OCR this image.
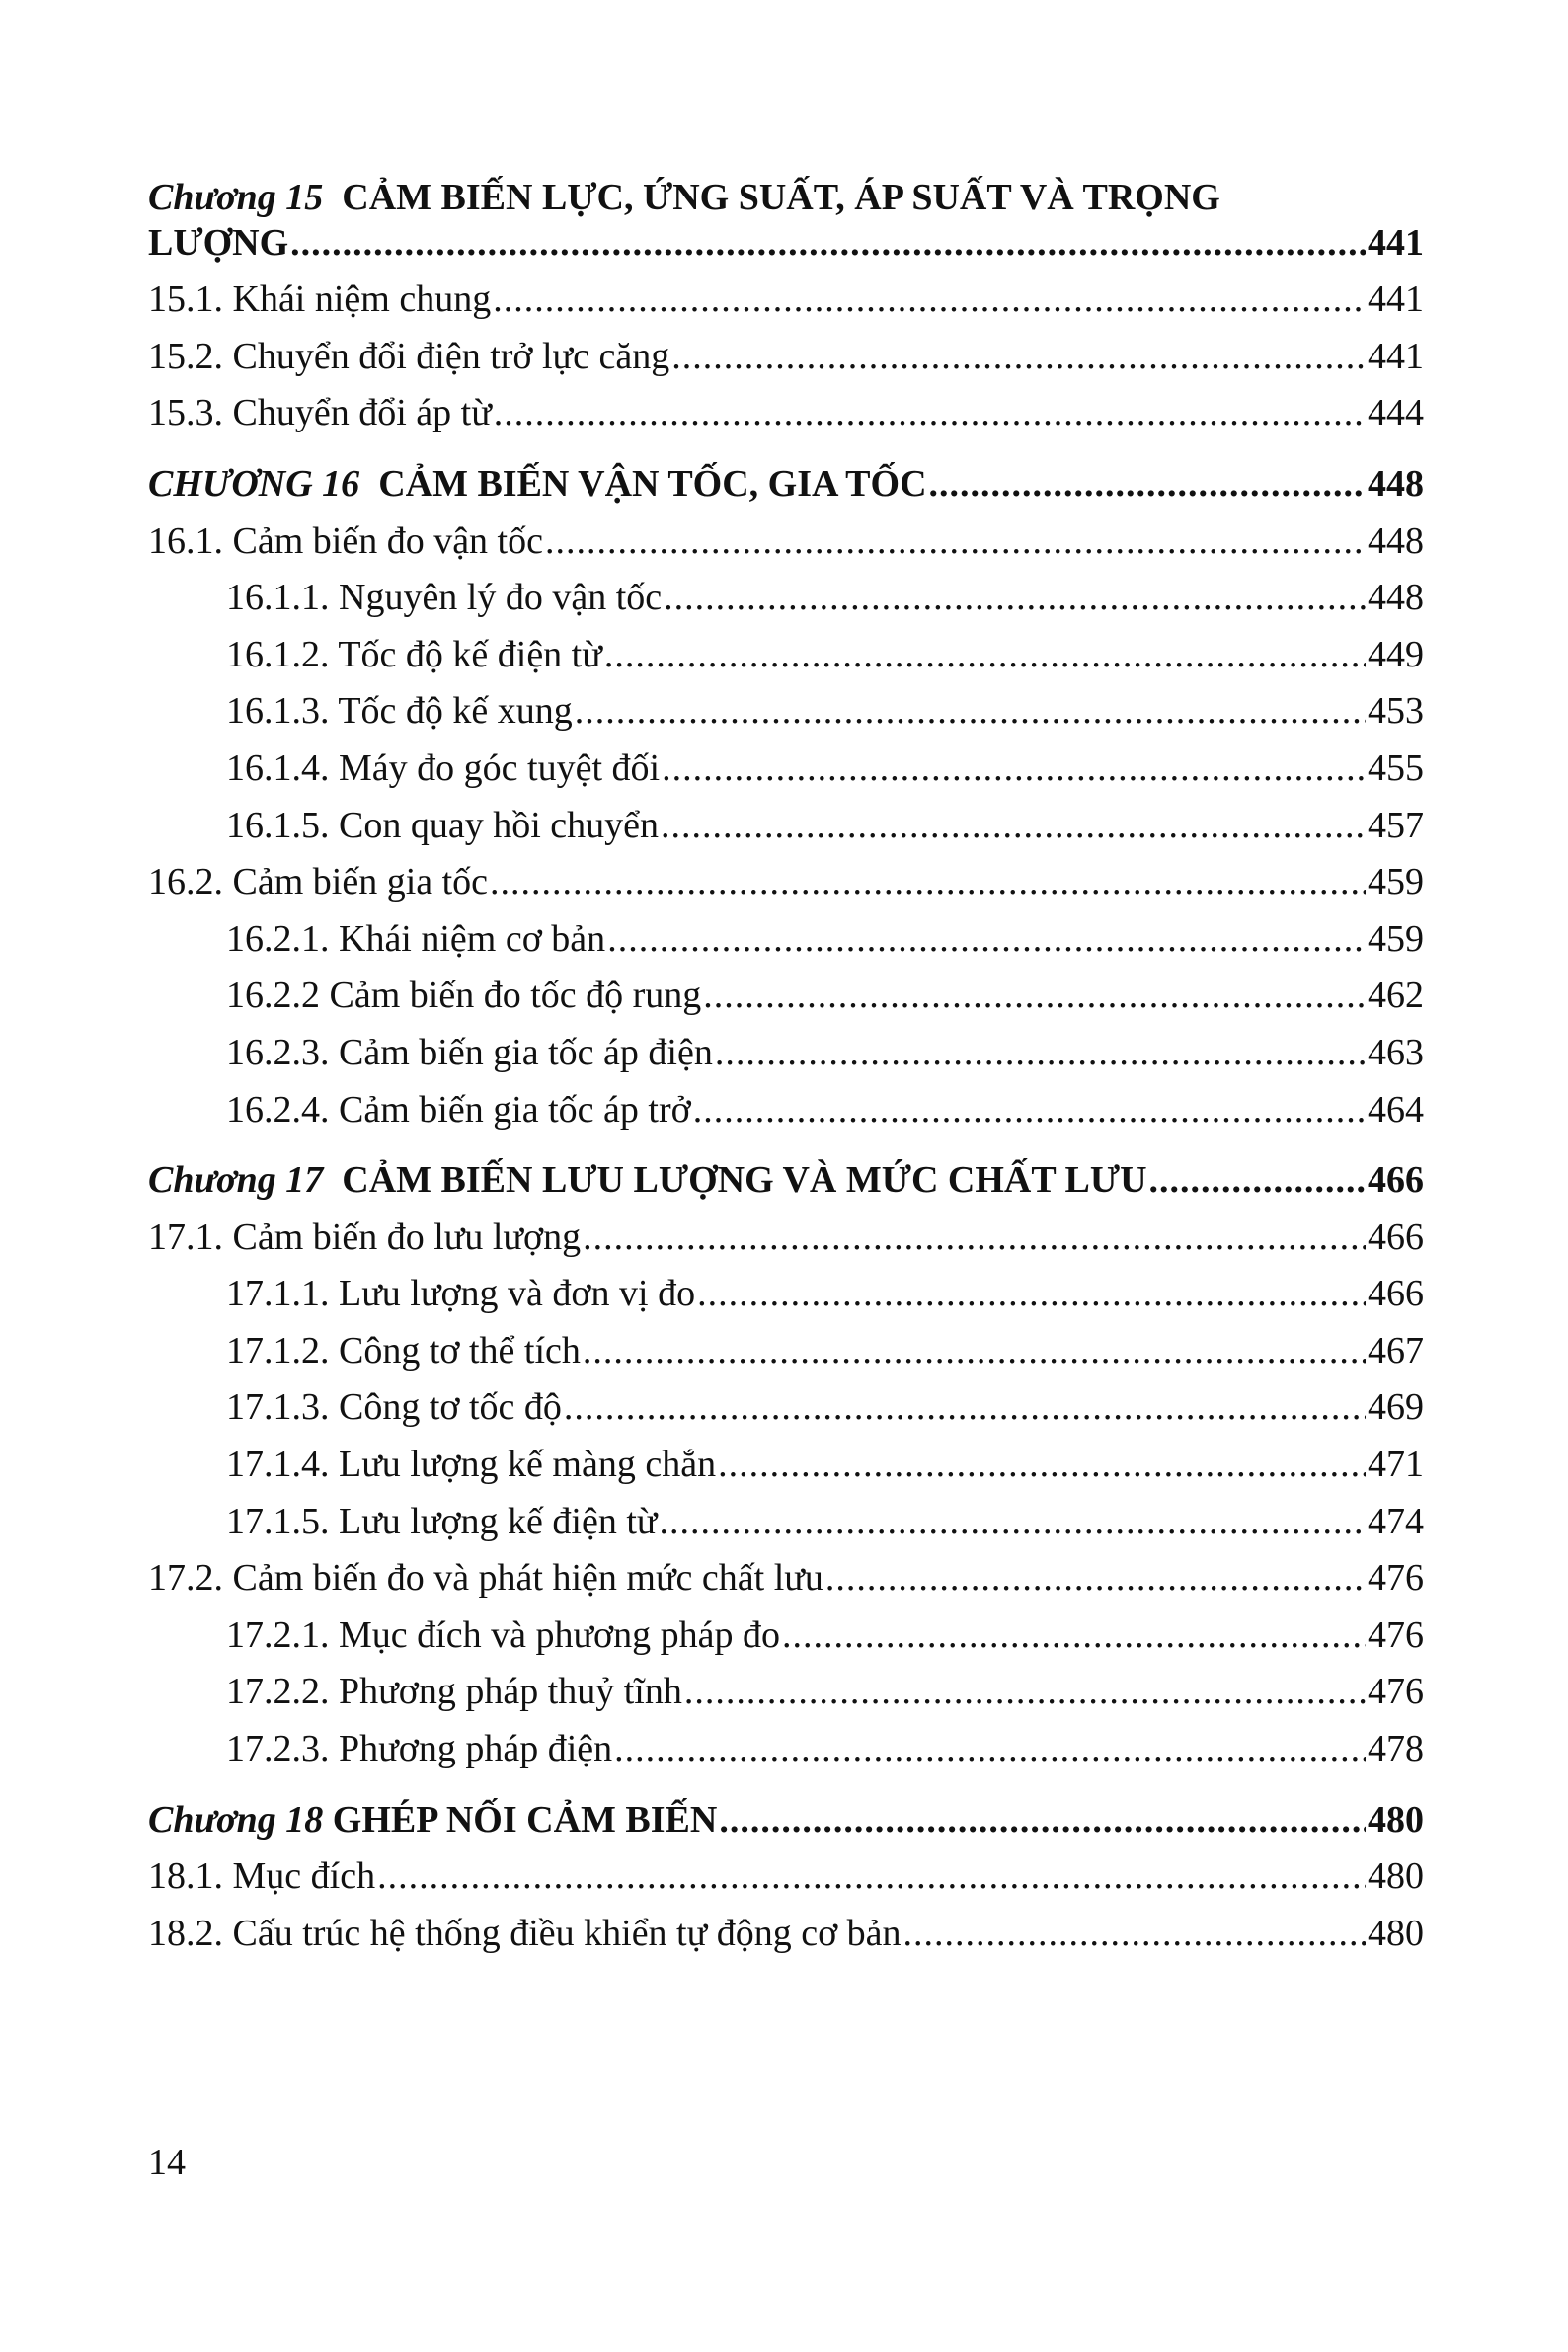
Chương 15 CẢM BIẾN LỰC, ỨNG SUẤT, ÁP SUẤT VÀ TRỌNG
LƯỢNG .....	441
15.1. Khái niệm chung .....	441
15.2. Chuyển đổi điện trở lực căng .....	441
15.3. Chuyển đổi áp từ .....	444
CHƯƠNG 16 CẢM BIẾN VẬN TỐC, GIA TỐC .....	448
16.1. Cảm biến đo vận tốc .....	448
16.1.1. Nguyên lý đo vận tốc .....	448
16.1.2. Tốc độ kế điện từ .....	449
16.1.3. Tốc độ kế xung .....	453
16.1.4. Máy đo góc tuyệt đối .....	455
16.1.5. Con quay hồi chuyển .....	457
16.2. Cảm biến gia tốc .....	459
16.2.1. Khái niệm cơ bản .....	459
16.2.2 Cảm biến đo tốc độ rung .....	462
16.2.3. Cảm biến gia tốc áp điện .....	463
16.2.4. Cảm biến gia tốc áp trở .....	464
Chương 17 CẢM BIẾN LƯU LƯỢNG VÀ MỨC CHẤT LƯU .....	466
17.1. Cảm biến đo lưu lượng .....	466
17.1.1. Lưu lượng và đơn vị đo .....	466
17.1.2. Công tơ thể tích .....	467
17.1.3. Công tơ tốc độ .....	469
17.1.4. Lưu lượng kế màng chắn .....	471
17.1.5. Lưu lượng kế điện từ .....	474
17.2. Cảm biến đo và phát hiện mức chất lưu .....	476
17.2.1. Mục đích và phương pháp đo .....	476
17.2.2. Phương pháp thuỷ tĩnh .....	476
17.2.3. Phương pháp điện .....	478
Chương 18 GHÉP NỐI CẢM BIẾN .....	480
18.1. Mục đích .....	480
18.2. Cấu trúc hệ thống điều khiển tự động cơ bản .....	480
14
